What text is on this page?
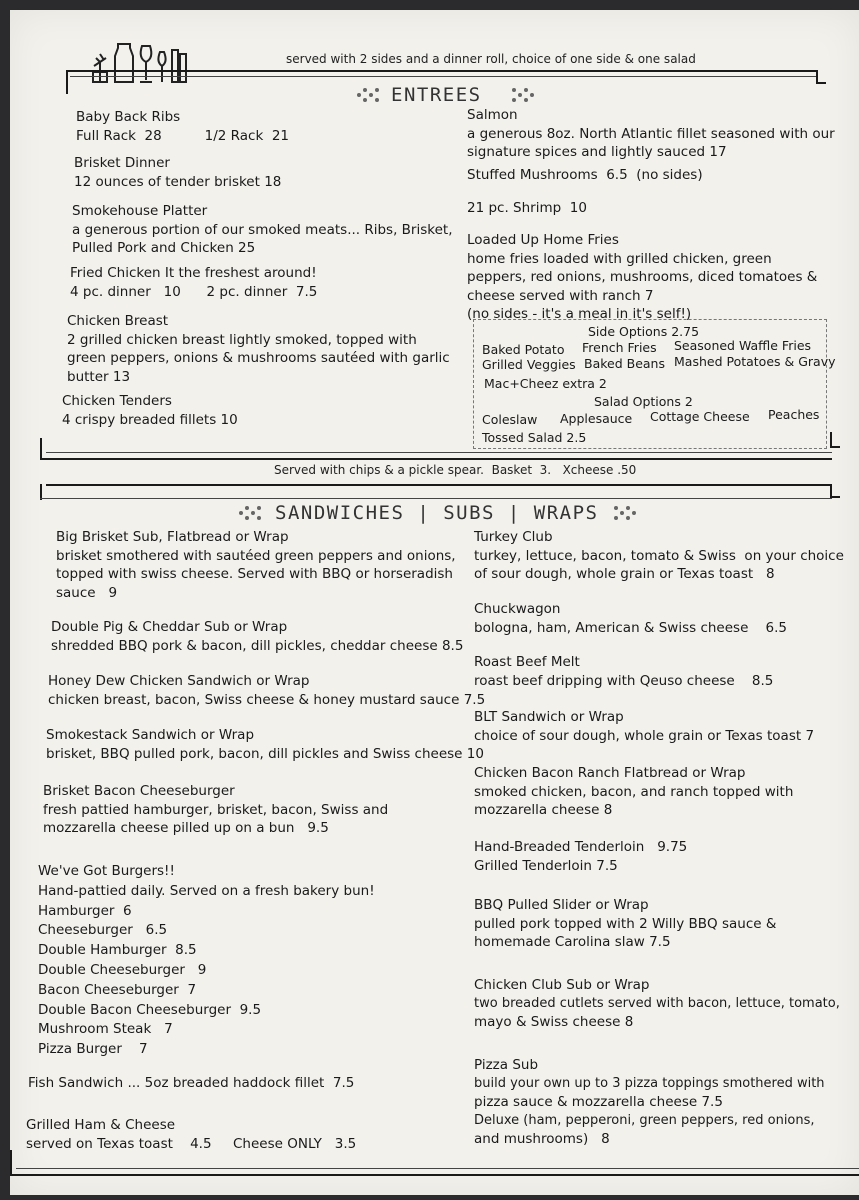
served with 2 sides and a dinner roll, choice of one side & one salad
ENTREES
Baby Back Ribs
Full Rack  28          1/2 Rack  21
Brisket Dinner
12 ounces of tender brisket 18
Smokehouse Platter
a generous portion of our smoked meats... Ribs, Brisket,
Pulled Pork and Chicken 25
Fried Chicken It the freshest around!
4 pc. dinner   10      2 pc. dinner  7.5
Chicken Breast
2 grilled chicken breast lightly smoked, topped with
green peppers, onions & mushrooms sautéed with garlic
butter 13
Chicken Tenders
4 crispy breaded fillets 10
Salmon
a generous 8oz. North Atlantic fillet seasoned with our
signature spices and lightly sauced 17
Stuffed Mushrooms  6.5  (no sides)
21 pc. Shrimp  10
Loaded Up Home Fries
home fries loaded with grilled chicken, green
peppers, red onions, mushrooms, diced tomatoes &
cheese served with ranch 7
(no sides - it's a meal in it's self!)
Side Options 2.75
Baked Potato French Fries Seasoned Waffle Fries
Grilled Veggies Baked Beans Mashed Potatoes & Gravy
Mac+Cheez extra 2
Salad Options 2
Coleslaw Applesauce Cottage Cheese Peaches
Tossed Salad 2.5
Served with chips & a pickle spear.  Basket  3.   Xcheese .50
SANDWICHES | SUBS | WRAPS
Big Brisket Sub, Flatbread or Wrap
brisket smothered with sautéed green peppers and onions,
topped with swiss cheese. Served with BBQ or horseradish
sauce   9
Double Pig & Cheddar Sub or Wrap
shredded BBQ pork & bacon, dill pickles, cheddar cheese 8.5
Honey Dew Chicken Sandwich or Wrap
chicken breast, bacon, Swiss cheese & honey mustard sauce 7.5
Smokestack Sandwich or Wrap
brisket, BBQ pulled pork, bacon, dill pickles and Swiss cheese 10
Brisket Bacon Cheeseburger
fresh pattied hamburger, brisket, bacon, Swiss and
mozzarella cheese pilled up on a bun   9.5
We've Got Burgers!!
Hand-pattied daily. Served on a fresh bakery bun!
Hamburger  6
Cheeseburger   6.5
Double Hamburger  8.5
Double Cheeseburger   9
Bacon Cheeseburger  7
Double Bacon Cheeseburger  9.5
Mushroom Steak   7
Pizza Burger    7
Fish Sandwich ... 5oz breaded haddock fillet  7.5
Grilled Ham & Cheese
served on Texas toast    4.5     Cheese ONLY   3.5
Turkey Club
turkey, lettuce, bacon, tomato & Swiss  on your choice
of sour dough, whole grain or Texas toast   8
Chuckwagon
bologna, ham, American & Swiss cheese    6.5
Roast Beef Melt
roast beef dripping with Qeuso cheese    8.5
BLT Sandwich or Wrap
choice of sour dough, whole grain or Texas toast 7
Chicken Bacon Ranch Flatbread or Wrap
smoked chicken, bacon, and ranch topped with
mozzarella cheese 8
Hand-Breaded Tenderloin   9.75
Grilled Tenderloin 7.5
BBQ Pulled Slider or Wrap
pulled pork topped with 2 Willy BBQ sauce &
homemade Carolina slaw 7.5
Chicken Club Sub or Wrap
two breaded cutlets served with bacon, lettuce, tomato,
mayo & Swiss cheese 8
Pizza Sub
build your own up to 3 pizza toppings smothered with
pizza sauce & mozzarella cheese 7.5
Deluxe (ham, pepperoni, green peppers, red onions,
and mushrooms)   8
